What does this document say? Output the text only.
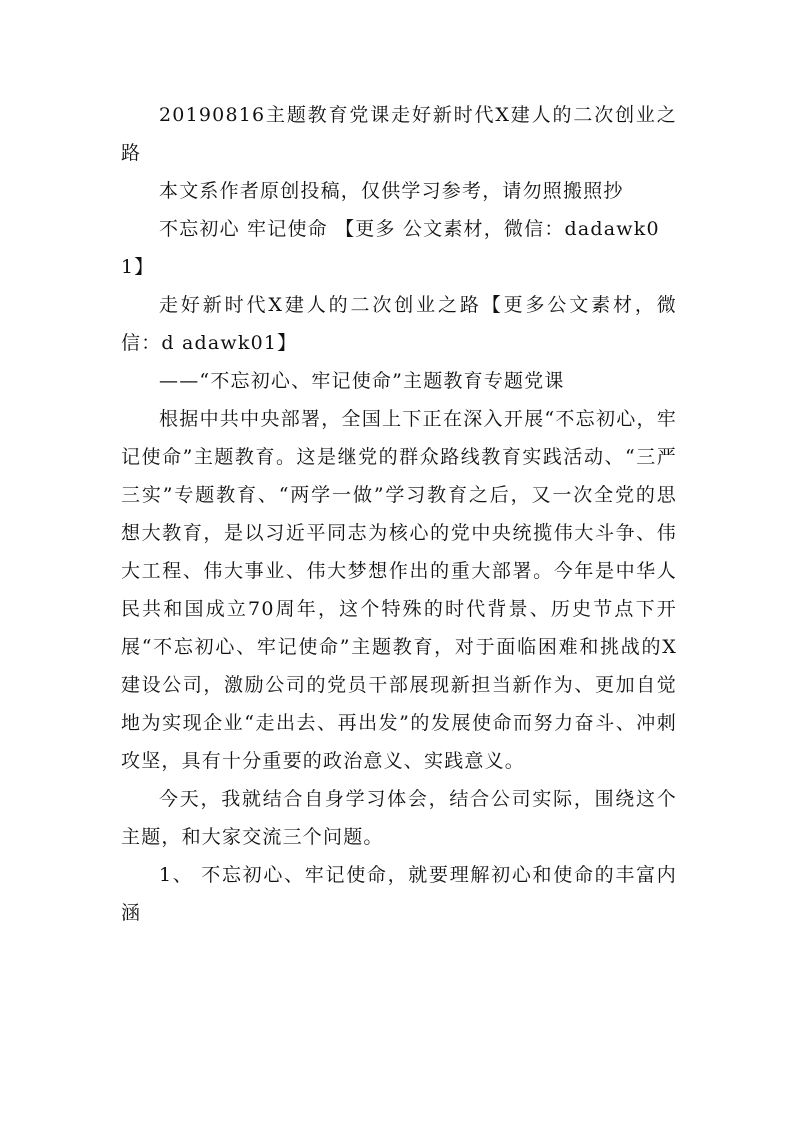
20190816主题教育党课走好新时代X建人的二次创业之路

本文系作者原创投稿，仅供学习参考，请勿照搬照抄

不忘初心 牢记使命 【更多 公文素材，微信：dadawk01】

走好新时代X建人的二次创业之路【更多公文素材，微信：d adawk01】

——“不忘初心、牢记使命”主题教育专题党课

根据中共中央部署，全国上下正在深入开展“不忘初心，牢记使命”主题教育。这是继党的群众路线教育实践活动、“三严三实”专题教育、“两学一做”学习教育之后，又一次全党的思想大教育，是以习近平同志为核心的党中央统揽伟大斗争、伟大工程、伟大事业、伟大梦想作出的重大部署。今年是中华人民共和国成立70周年，这个特殊的时代背景、历史节点下开展“不忘初心、牢记使命”主题教育，对于面临困难和挑战的X建设公司，激励公司的党员干部展现新担当新作为、更加自觉地为实现企业“走出去、再出发”的发展使命而努力奋斗、冲刺攻坚，具有十分重要的政治意义、实践意义。

今天，我就结合自身学习体会，结合公司实际，围绕这个主题，和大家交流三个问题。

1、 不忘初心、牢记使命，就要理解初心和使命的丰富内涵
